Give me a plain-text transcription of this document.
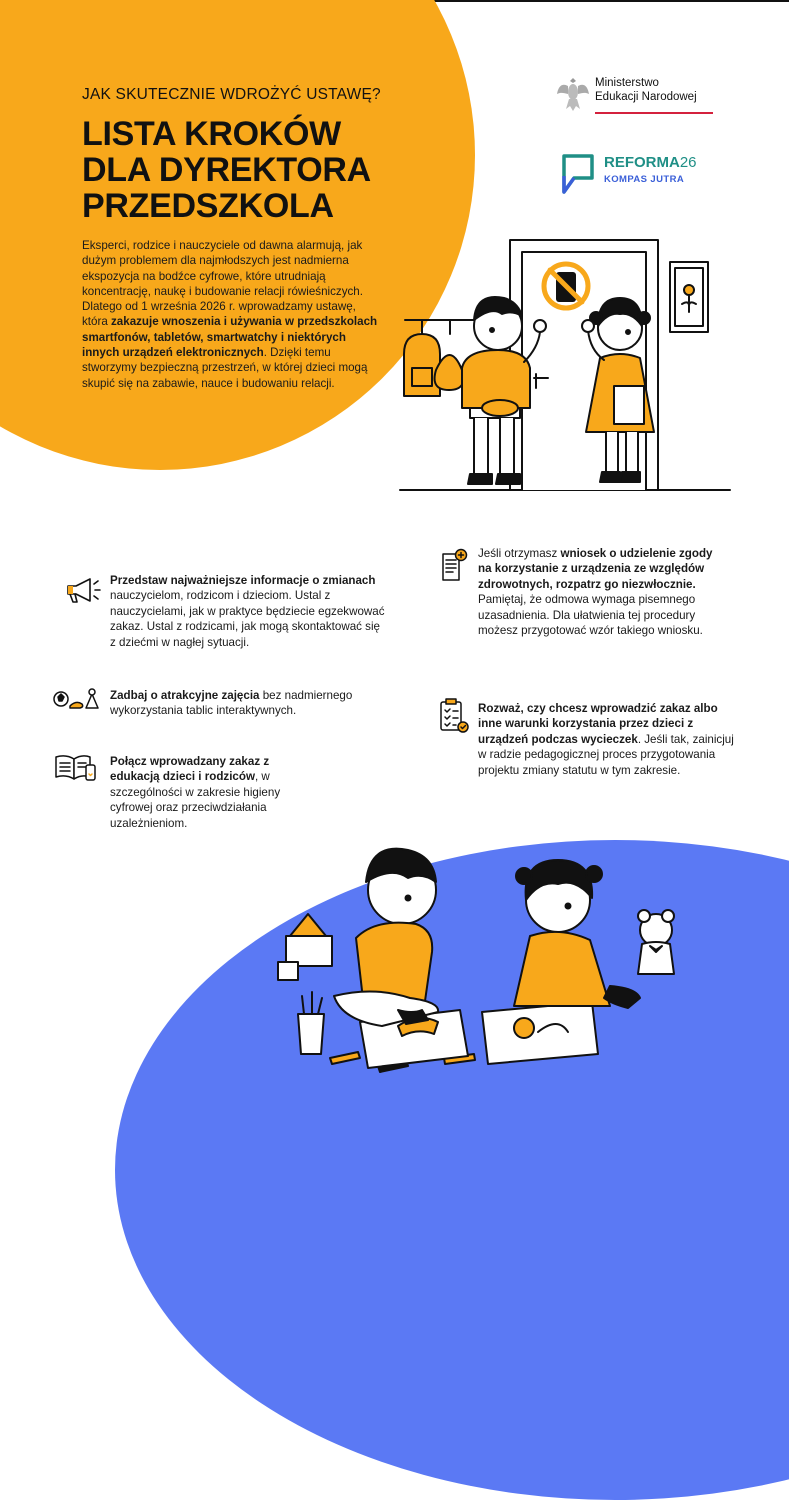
JAK SKUTECZNIE WDROŻYĆ USTAWĘ?
LISTA KROKÓW
DLA DYREKTORA
PRZEDSZKOLA
Eksperci, rodzice i nauczyciele od dawna alarmują, jak dużym problemem dla najmłodszych jest nadmierna ekspozycja na bodźce cyfrowe, które utrudniają koncentrację, naukę i budowanie relacji rówieśniczych. Dlatego od 1 września 2026 r. wprowadzamy ustawę, która zakazuje wnoszenia i używania w przedszkolach smartfonów, tabletów, smartwatchy i niektórych innych urządzeń elektronicznych. Dzięki temu stworzymy bezpieczną przestrzeń, w której dzieci mogą skupić się na zabawie, nauce i budowaniu relacji.
Ministerstwo
Edukacji Narodowej
REFORMA26
KOMPAS JUTRA
Przedstaw najważniejsze informacje o zmianach nauczycielom, rodzicom i dzieciom. Ustal z nauczycielami, jak w praktyce będziecie egzekwować zakaz. Ustal z rodzicami, jak mogą skontaktować się z dziećmi w nagłej sytuacji.
Zadbaj o atrakcyjne zajęcia bez nadmiernego wykorzystania tablic interaktywnych.
Połącz wprowadzany zakaz z edukacją dzieci i rodziców, w szczególności w zakresie higieny cyfrowej oraz przeciwdziałania uzależnieniom.
Jeśli otrzymasz wniosek o udzielenie zgody na korzystanie z urządzenia ze względów zdrowotnych, rozpatrz go niezwłocznie. Pamiętaj, że odmowa wymaga pisemnego uzasadnienia. Dla ułatwienia tej procedury możesz przygotować wzór takiego wniosku.
Rozważ, czy chcesz wprowadzić zakaz albo inne warunki korzystania przez dzieci z urządzeń podczas wycieczek. Jeśli tak, zainicjuj w radzie pedagogicznej proces przygotowania projektu zmiany statutu w tym zakresie.
